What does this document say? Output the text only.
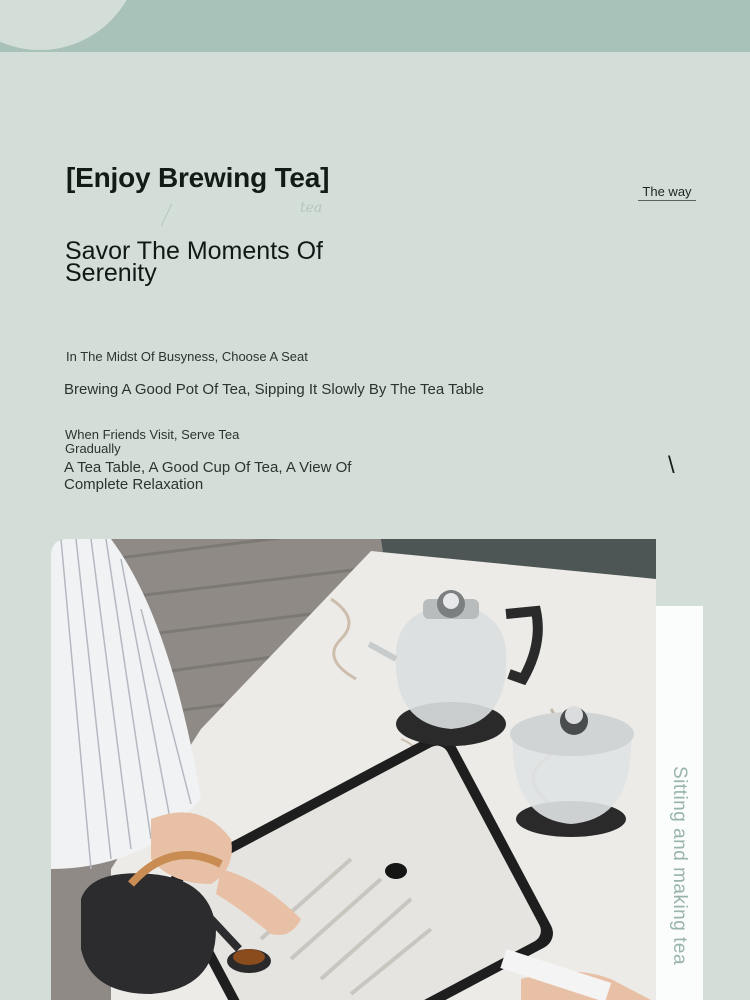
[Enjoy Brewing Tea]
tea
The way
Savor The Moments Of Serenity
In The Midst Of Busyness, Choose A Seat
Brewing A Good Pot Of Tea, Sipping It Slowly By The Tea Table
When Friends Visit, Serve Tea Gradually
A Tea Table, A Good Cup Of Tea, A View Of Complete Relaxation
\
Sitting and making tea
